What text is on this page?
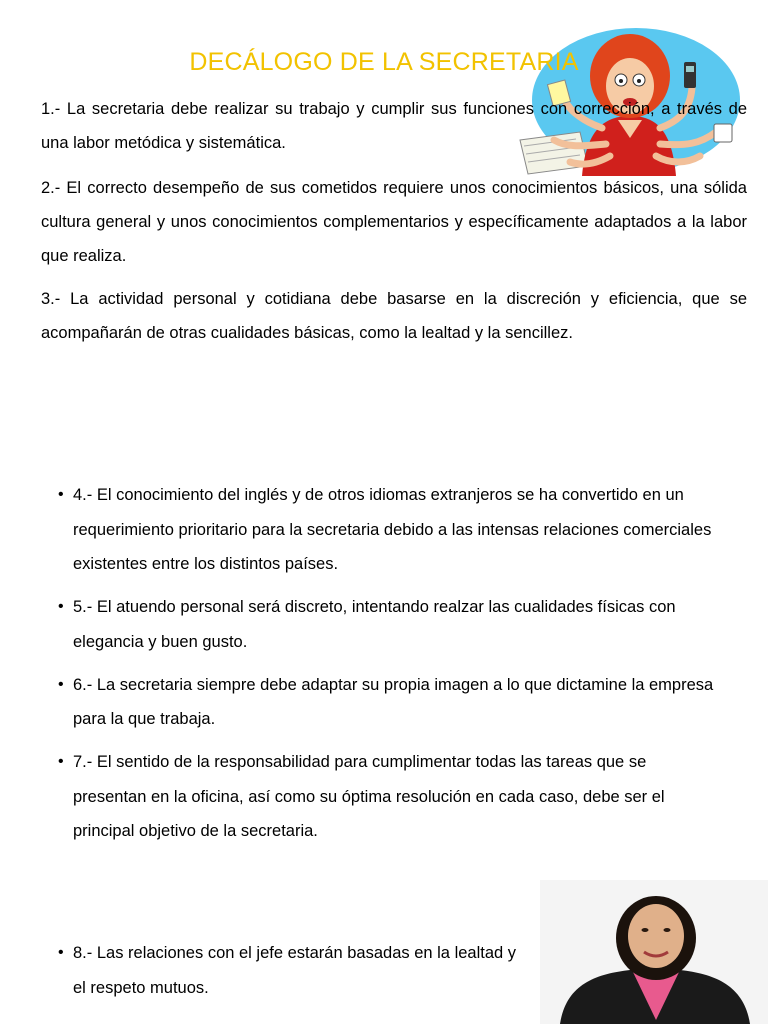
DECÁLOGO DE LA SECRETARIA

1.- La secretaria debe realizar su trabajo y cumplir sus funciones con corrección, a través de una labor metódica y sistemática.

2.- El correcto desempeño de sus cometidos requiere unos conocimientos básicos, una sólida cultura general y unos conocimientos complementarios y específicamente adaptados a la labor que realiza.

3.- La actividad personal y cotidiana debe basarse en la discreción y eficiencia, que se acompañarán de otras cualidades básicas, como la lealtad y la sencillez.

• 4.- El conocimiento del inglés y de otros idiomas extranjeros se ha convertido en un requerimiento prioritario para la secretaria debido a las intensas relaciones comerciales existentes entre los distintos países.
• 5.- El atuendo personal será discreto, intentando realzar las cualidades físicas con elegancia y buen gusto.
• 6.- La secretaria siempre debe adaptar su propia imagen a lo que dictamine la empresa para la que trabaja.
• 7.- El sentido de la responsabilidad para cumplimentar todas las tareas que se presentan en la oficina, así como su óptima resolución en cada caso, debe ser el principal objetivo de la secretaria.
• 8.- Las relaciones con el jefe estarán basadas en la lealtad y el respeto mutuos.
